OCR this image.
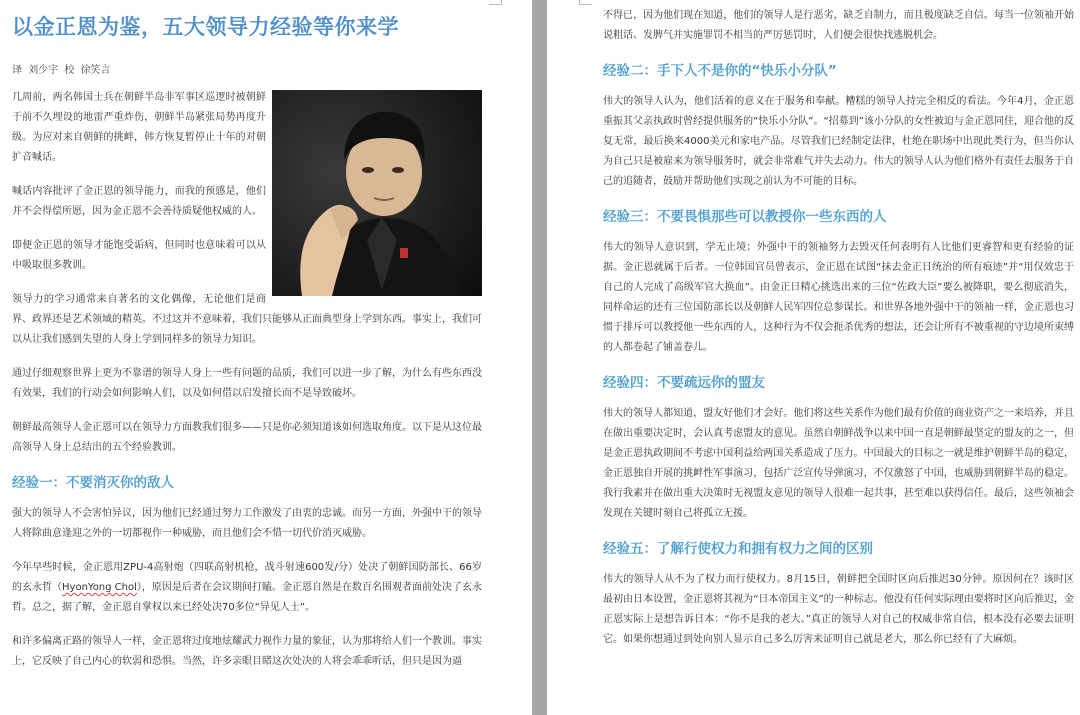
以金正恩为鉴，五大领导力经验等你来学
译 刘少宇 校 徐笑言

几周前，两名韩国士兵在朝鲜半岛非军事区巡逻时被朝鲜于前不久埋设的地雷严重炸伤，朝鲜半岛紧张局势再度升级。为应对来自朝鲜的挑衅，韩方恢复暂停止十年的对朝扩音喊话。

喊话内容批评了金正恩的领导能力，而我的预感是，他们并不会得偿所愿，因为金正恩不会善待质疑他权威的人。

即便金正恩的领导才能饱受诟病，但同时也意味着可以从中吸取很多教训。

领导力的学习通常来自著名的文化偶像，无论他们是商界、政界还是艺术领域的精英。不过这并不意味着，我们只能够从正面典型身上学到东西。事实上，我们可以从让我们感到失望的人身上学到同样多的领导力知识。

通过仔细观察世界上更为不靠谱的领导人身上一些有问题的品质，我们可以进一步了解，为什么有些东西没有效果，我们的行动会如何影响人们，以及如何借以启发擅长而不是导致破坏。

朝鲜最高领导人金正恩可以在领导力方面教我们很多——只是你必须知道该如何选取角度。以下是从这位最高领导人身上总结出的五个经验教训。

经验一：不要消灭你的敌人

强大的领导人不会害怕异议，因为他们已经通过努力工作激发了由衷的忠诚。而另一方面，外强中干的领导人将除曲意逢迎之外的一切都视作一种威胁，而且他们会不惜一切代价消灭威胁。

今年早些时候，金正恩用ZPU-4高射炮（四联高射机枪，战斗射速600发/分）处决了朝鲜国防部长、66岁的玄永哲（HyonYong Chol），原因是后者在会议期间打瞌。金正恩自然是在数百名围观者面前处决了玄永哲。总之，据了解，金正恩自掌权以来已经处决70多位“异见人士”。

和许多偏离正路的领导人一样，金正恩将过度地炫耀武力视作力量的象征，认为那将给人们一个教训。事实上，它反映了自己内心的软弱和恐惧。当然，许多亲眼目睹这次处决的人将会乖乖听话，但只是因为逼

不得已，因为他们现在知道，他们的领导人是行恶劣，缺乏自制力，而且极度缺乏自信。每当一位领袖开始说粗话、发脾气并实施罪罚不相当的严厉惩罚时，人们便会很快找逃脱机会。

经验二：手下人不是你的“快乐小分队”

伟大的领导人认为，他们活着的意义在于服务和奉献。糟糕的领导人持完全相反的看法。今年4月，金正恩重振其父亲执政时曾经提供服务的“快乐小分队”。“招募到”该小分队的女性被迫与金正恩同住，迎合他的反复无常，最后换来4000美元和家电产品。尽管我们已经制定法律，杜绝在职场中出现此类行为，但当你认为自己只是被雇来为领导服务时，就会非常难气并失去动力。伟大的领导人认为他们格外有责任去服务于自己的追随者，鼓励并帮助他们实现之前认为不可能的目标。

经验三：不要畏惧那些可以教授你一些东西的人

伟大的领导人意识到，学无止境；外强中干的领袖努力去毁灭任何表明有人比他们更睿智和更有经验的证据。金正恩就属于后者。一位韩国官员曾表示，金正恩在试图“抹去金正日统治的所有痕迹”并“用仅效忠于自己的人完成了高级军官大换血”。由金正日精心挑选出来的三位“佐政大臣”要么被降职，要么彻底消失，同样命运的还有三位国防部长以及朝鲜人民军四位总参谋长。和世界各地外强中干的领袖一样，金正恩也习惯于排斥可以教授他一些东西的人，这种行为不仅会扼杀优秀的想法，还会让所有不被重视的守边境所束缚的人都卷起了铺盖卷儿。

经验四：不要疏远你的盟友

伟大的领导人都知道，盟友好他们才会好。他们将这些关系作为他们最有价值的商业资产之一来培养，并且在做出重要决定时，会认真考虑盟友的意见。虽然自朝鲜战争以来中国一直是朝鲜最坚定的盟友的之一，但是金正恩执政期间不考虑中国利益给两国关系造成了压力。中国最大的目标之一就是维护朝鲜半岛的稳定，金正恩独自开展的挑衅性军事演习，包括广泛宣传导弹演习，不仅激怒了中国，也威胁到朝鲜半岛的稳定。我行我素并在做出重大决策时无视盟友意见的领导人很难一起共事，甚至难以获得信任。最后，这些领袖会发现在关键时刻自己将孤立无援。

经验五：了解行使权力和拥有权力之间的区别

伟大的领导人从不为了权力而行使权力。8月15日，朝鲜把全国时区向后推迟30分钟。原因何在？该时区最初由日本设置，金正恩将其视为“日本帝国主义”的一种标志。他没有任何实际理由要将时区向后推迟，金正恩实际上是想告诉日本：“你不是我的老大。”真正的领导人对自己的权威非常自信，根本没有必要去证明它。如果你想通过到处向别人显示自己多么厉害来证明自己就是老大，那么你已经有了大麻烦。
